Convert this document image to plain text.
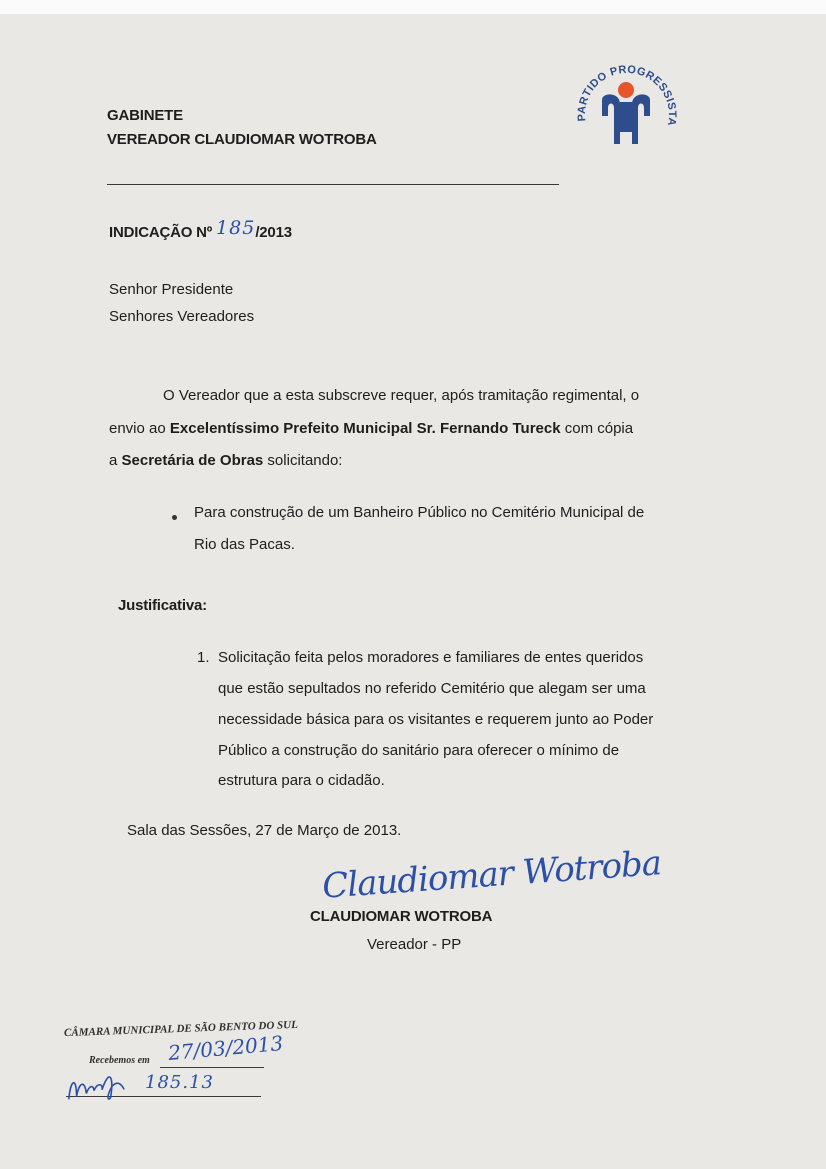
GABINETE
VEREADOR CLAUDIOMAR WOTROBA
PARTIDO PROGRESSISTA
INDICAÇÃO Nº 185/2013
Senhor Presidente
Senhores Vereadores
O Vereador que a esta subscreve requer, após tramitação regimental, o
envio ao Excelentíssimo Prefeito Municipal Sr. Fernando Tureck com cópia
a Secretária de Obras solicitando:
Para construção de um Banheiro Público no Cemitério Municipal de
Rio das Pacas.
Justificativa:
1. Solicitação feita pelos moradores e familiares de entes queridos
que estão sepultados no referido Cemitério que alegam ser uma
necessidade básica para os visitantes e requerem junto ao Poder
Público a construção do sanitário para oferecer o mínimo de
estrutura para o cidadão.
Sala das Sessões, 27 de Março de 2013.
Claudiomar Wotroba
CLAUDIOMAR WOTROBA
Vereador - PP
CÂMARA MUNICIPAL DE SÃO BENTO DO SUL
Recebemos em 27/03/2013
185.13
